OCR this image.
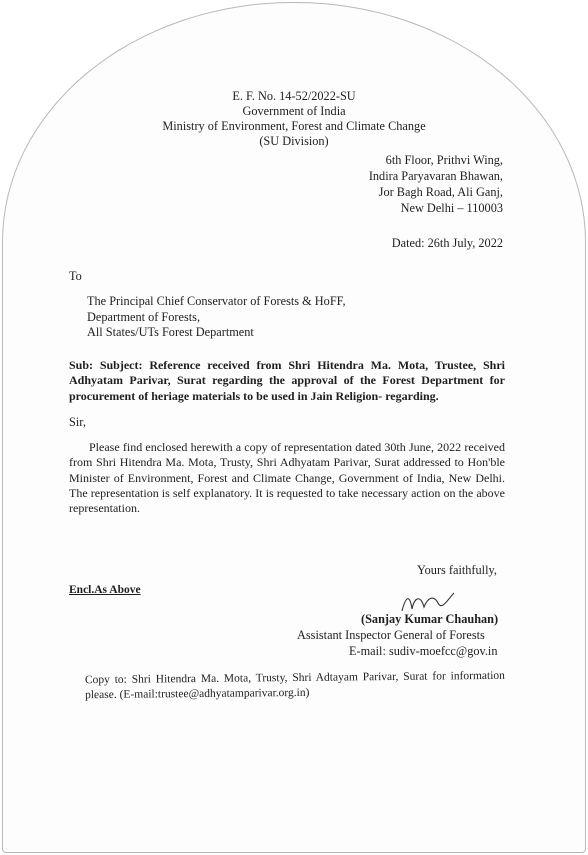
E. F. No. 14-52/2022-SU
Government of India
Ministry of Environment, Forest and Climate Change
(SU Division)
6th Floor, Prithvi Wing,
Indira Paryavaran Bhawan,
Jor Bagh Road, Ali Ganj,
New Delhi – 110003
Dated: 26th July, 2022
To
The Principal Chief Conservator of Forests & HoFF,
Department of Forests,
All States/UTs Forest Department
Sub: Subject: Reference received from Shri Hitendra Ma. Mota, Trustee, Shri Adhyatam Parivar, Surat regarding the approval of the Forest Department for procurement of heriage materials to be used in Jain Religion- regarding.
Sir,
Please find enclosed herewith a copy of representation dated 30th June, 2022 received from Shri Hitendra Ma. Mota, Trusty, Shri Adhyatam Parivar, Surat addressed to Hon'ble Minister of Environment, Forest and Climate Change, Government of India, New Delhi. The representation is self explanatory. It is requested to take necessary action on the above representation.
Yours faithfully,
Encl.As Above
(Sanjay Kumar Chauhan)
Assistant Inspector General of Forests
E-mail: sudiv-moefcc@gov.in
Copy to: Shri Hitendra Ma. Mota, Trusty, Shri Adtayam Parivar, Surat for information please. (E-mail:trustee@adhyatamparivar.org.in)
